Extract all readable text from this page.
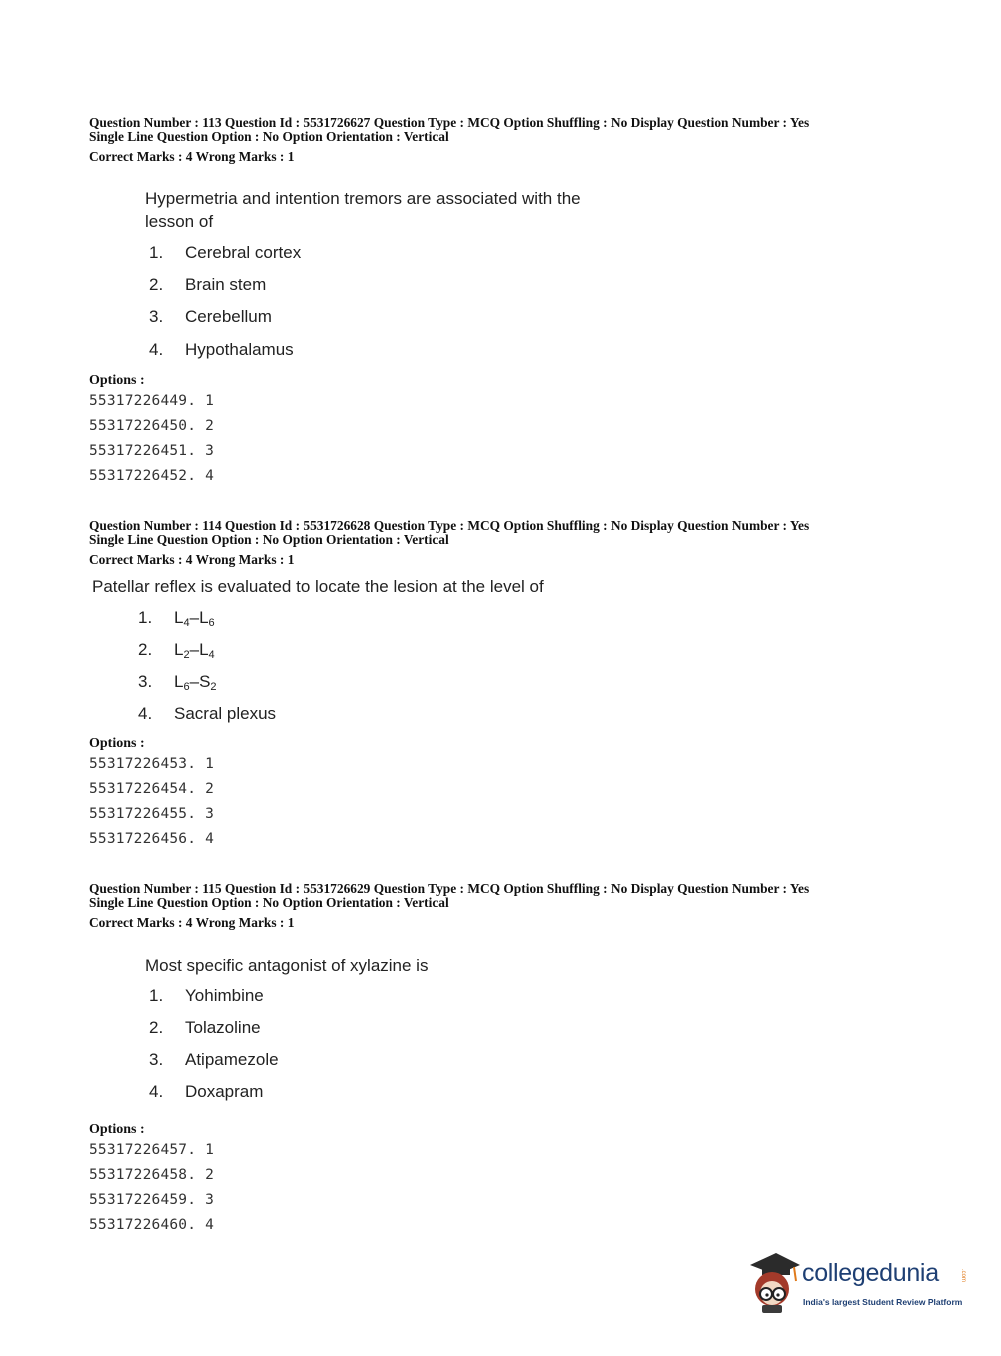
Question Number : 113 Question Id : 5531726627 Question Type : MCQ Option Shuffling : No Display Question Number : Yes
Single Line Question Option : No Option Orientation : Vertical
Correct Marks : 4 Wrong Marks : 1
Hypermetria and intention tremors are associated with the
lesson of
1. Cerebral cortex
2. Brain stem
3. Cerebellum
4. Hypothalamus
Options :
55317226449. 1
55317226450. 2
55317226451. 3
55317226452. 4
Question Number : 114 Question Id : 5531726628 Question Type : MCQ Option Shuffling : No Display Question Number : Yes
Single Line Question Option : No Option Orientation : Vertical
Correct Marks : 4 Wrong Marks : 1
Patellar reflex is evaluated to locate the lesion at the level of
1. $L_4-L_6$
2. $L_2-L_4$
3. $L_6-S_2$
4. Sacral plexus
Options :
55317226453. 1
55317226454. 2
55317226455. 3
55317226456. 4
Question Number : 115 Question Id : 5531726629 Question Type : MCQ Option Shuffling : No Display Question Number : Yes
Single Line Question Option : No Option Orientation : Vertical
Correct Marks : 4 Wrong Marks : 1
Most specific antagonist of xylazine is
1. Yohimbine
2. Tolazoline
3. Atipamezole
4. Doxapram
Options :
55317226457. 1
55317226458. 2
55317226459. 3
55317226460. 4
collegedunia	.com
India's largest Student Review Platform
